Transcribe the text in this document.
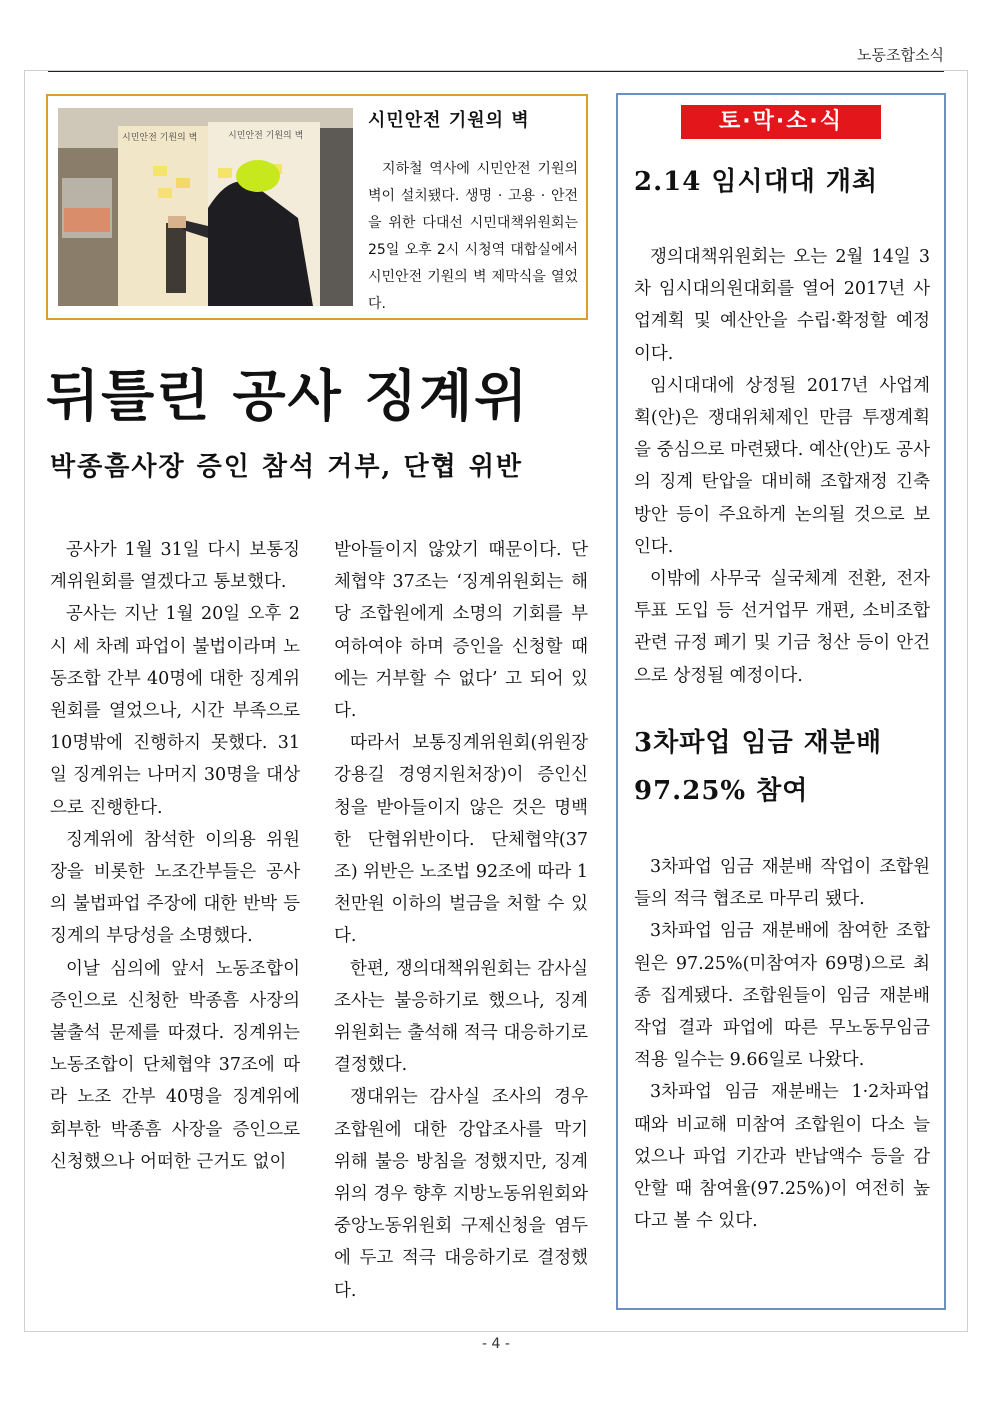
노동조합소식
시민안전 기원의 벽	시민안전 기원의 벽
시민안전 기원의 벽
지하철 역사에 시민안전 기원의 벽이 설치됐다. 생명 · 고용 · 안전을 위한 다대선 시민대책위원회는 25일 오후 2시 시청역 대합실에서 시민안전 기원의 벽 제막식을 열었다.
뒤틀린 공사 징계위
박종흠사장 증인 참석 거부, 단협 위반

공사가 1월 31일 다시 보통징계위원회를 열겠다고 통보했다.

공사는 지난 1월 20일 오후 2시 세 차례 파업이 불법이라며 노동조합 간부 40명에 대한 징계위원회를 열었으나, 시간 부족으로 10명밖에 진행하지 못했다. 31일 징계위는 나머지 30명을 대상으로 진행한다.

징계위에 참석한 이의용 위원장을 비롯한 노조간부들은 공사의 불법파업 주장에 대한 반박 등 징계의 부당성을 소명했다.

이날 심의에 앞서 노동조합이 증인으로 신청한 박종흠 사장의 불출석 문제를 따졌다. 징계위는 노동조합이 단체협약 37조에 따라 노조 간부 40명을 징계위에 회부한 박종흠 사장을 증인으로 신청했으나 어떠한 근거도 없이

받아들이지 않았기 때문이다. 단체협약 37조는 ‘징계위원회는 해당 조합원에게 소명의 기회를 부여하여야 하며 증인을 신청할 때에는 거부할 수 없다’ 고 되어 있다.

따라서 보통징계위원회(위원장 강용길 경영지원처장)이 증인신청을 받아들이지 않은 것은 명백한 단협위반이다. 단체협약(37조) 위반은 노조법 92조에 따라 1천만원 이하의 벌금을 처할 수 있다.

한편, 쟁의대책위원회는 감사실 조사는 불응하기로 했으나, 징계위원회는 출석해 적극 대응하기로 결정했다.

쟁대위는 감사실 조사의 경우 조합원에 대한 강압조사를 막기 위해 불응 방침을 정했지만, 징계위의 경우 향후 지방노동위원회와 중앙노동위원회 구제신청을 염두에 두고 적극 대응하기로 결정했다.

토·막·소·식
2.14 임시대대 개최

쟁의대책위원회는 오는 2월 14일 3차 임시대의원대회를 열어 2017년 사업계획 및 예산안을 수립·확정할 예정이다.

임시대대에 상정될 2017년 사업계획(안)은 쟁대위체제인 만큼 투쟁계획을 중심으로 마련됐다. 예산(안)도 공사의 징계 탄압을 대비해 조합재정 긴축 방안 등이 주요하게 논의될 것으로 보인다.

이밖에 사무국 실국체계 전환, 전자투표 도입 등 선거업무 개편, 소비조합 관련 규정 폐기 및 기금 청산 등이 안건으로 상정될 예정이다.

3차파업 임금 재분배 97.25% 참여

3차파업 임금 재분배 작업이 조합원들의 적극 협조로 마무리 됐다.

3차파업 임금 재분배에 참여한 조합원은 97.25%(미참여자 69명)으로 최종 집계됐다. 조합원들이 임금 재분배 작업 결과 파업에 따른 무노동무임금 적용 일수는 9.66일로 나왔다.

3차파업 임금 재분배는 1·2차파업 때와 비교해 미참여 조합원이 다소 늘었으나 파업 기간과 반납액수 등을 감안할 때 참여율(97.25%)이 여전히 높다고 볼 수 있다.

- 4 -
